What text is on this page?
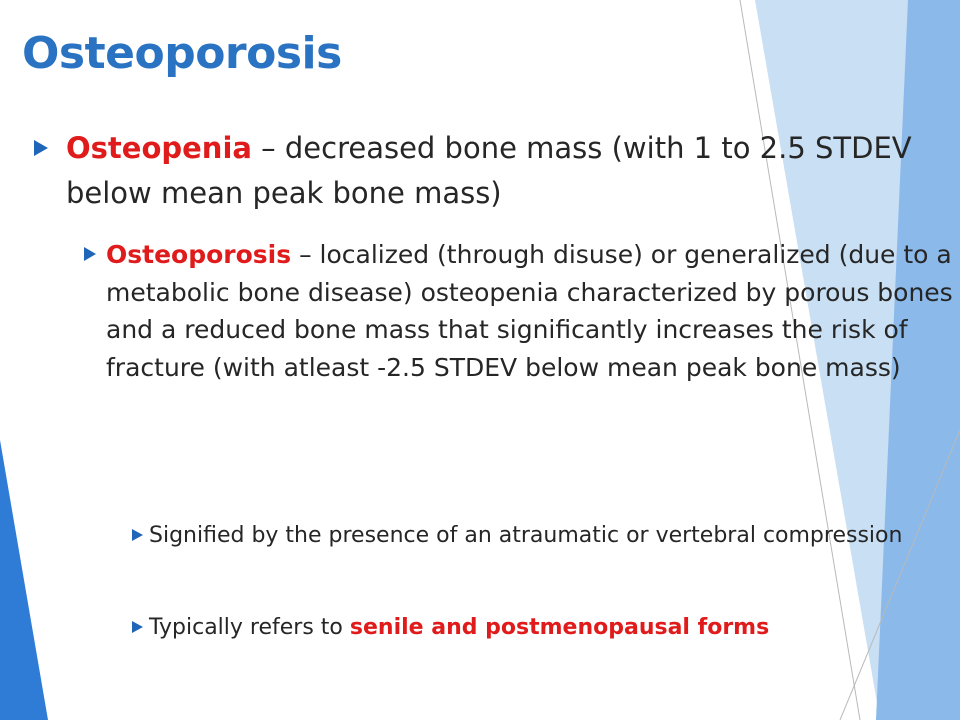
Osteoporosis
Osteopenia – decreased bone mass (with 1 to 2.5 STDEV below mean peak bone mass)
Osteoporosis – localized (through disuse) or generalized (due to a metabolic bone disease) osteopenia characterized by porous bones and a reduced bone mass that significantly increases the risk of fracture (with atleast -2.5 STDEV below mean peak bone mass)
Signified by the presence of an atraumatic or vertebral compression
Typically refers to senile and postmenopausal forms
